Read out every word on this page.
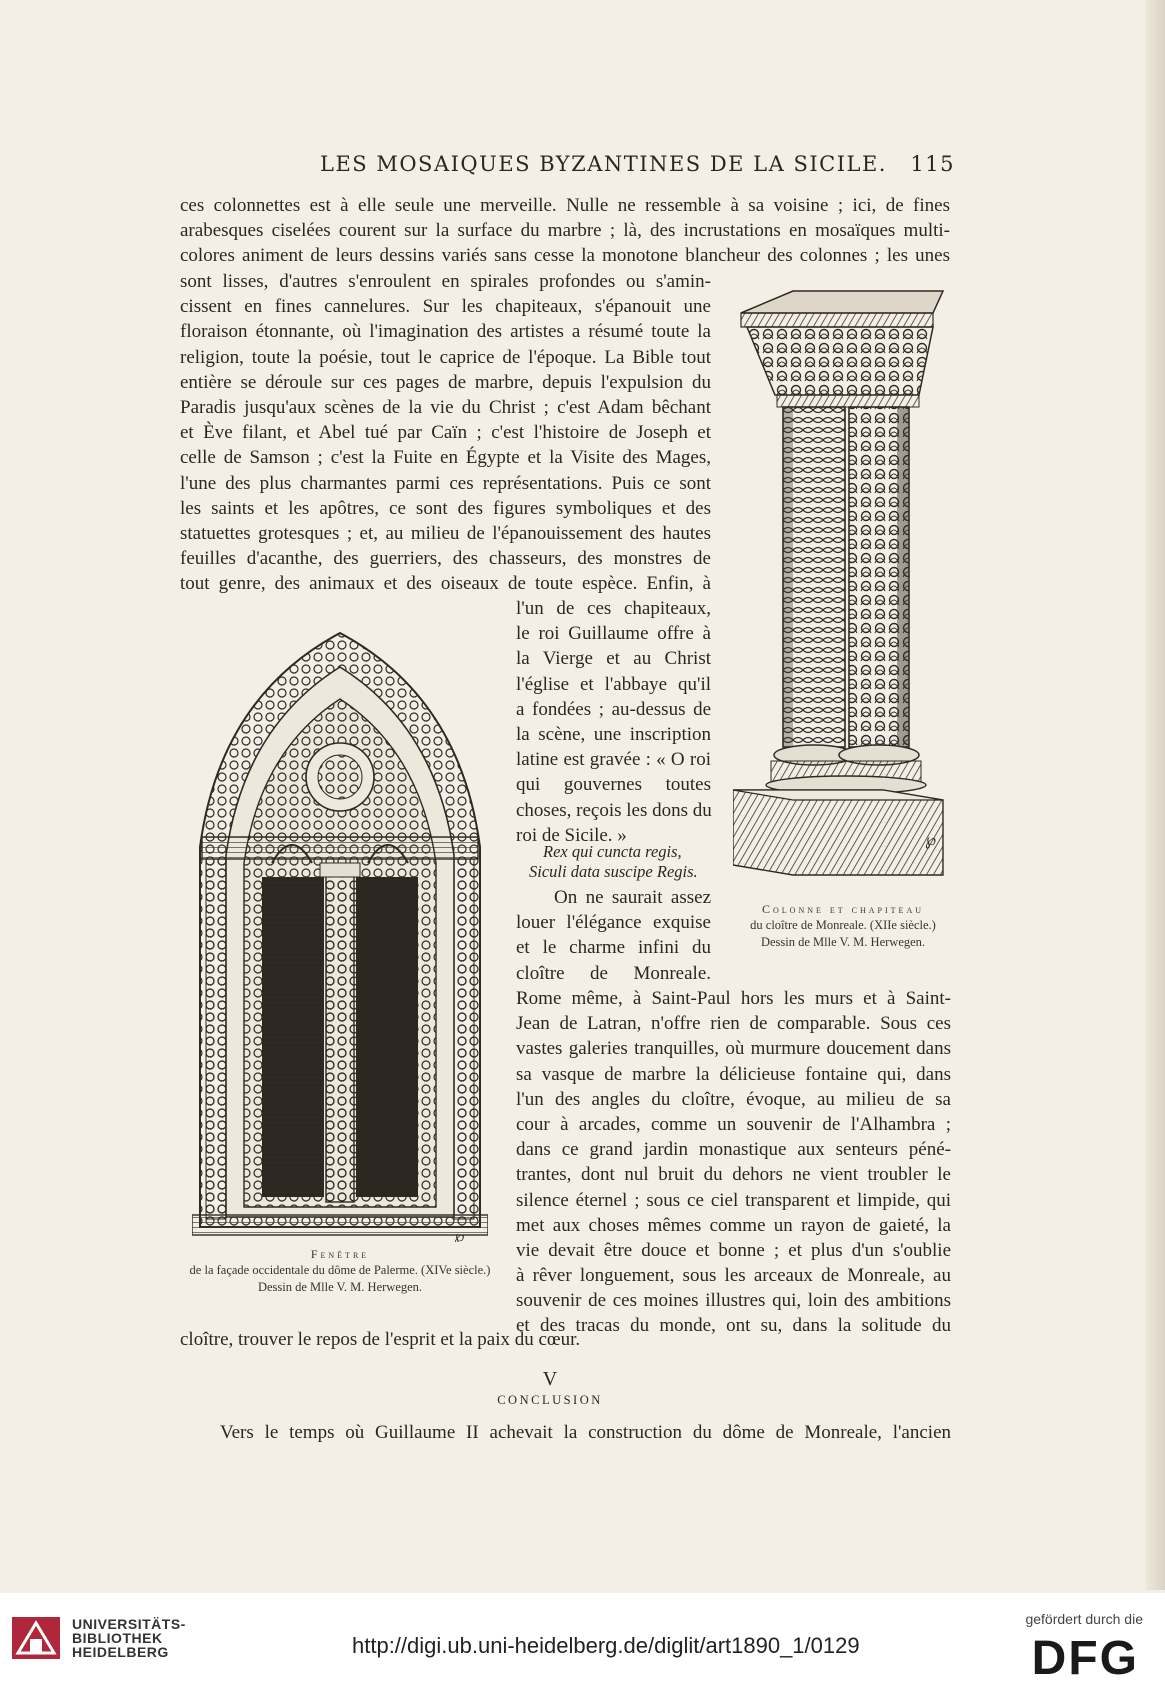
LES MOSAIQUES BYZANTINES DE LA SICILE. 115
ces colonnettes est à elle seule une merveille. Nulle ne ressemble à sa voisine ; ici, de fines
arabesques ciselées courent sur la surface du marbre ; là, des incrustations en mosaïques multi-
colores animent de leurs dessins variés sans cesse la monotone blancheur des colonnes ; les unes
sont lisses, d'autres s'enroulent en spirales profondes ou s'amin-
cissent en fines cannelures. Sur les chapiteaux, s'épanouit une
floraison étonnante, où l'imagination des artistes a résumé toute la
religion, toute la poésie, tout le caprice de l'époque. La Bible tout
entière se déroule sur ces pages de marbre, depuis l'expulsion du
Paradis jusqu'aux scènes de la vie du Christ ; c'est Adam bêchant
et Ève filant, et Abel tué par Caïn ; c'est l'histoire de Joseph et
celle de Samson ; c'est la Fuite en Égypte et la Visite des Mages,
l'une des plus charmantes parmi ces représentations. Puis ce sont
les saints et les apôtres, ce sont des figures symboliques et des
statuettes grotesques ; et, au milieu de l'épanouissement des hautes
feuilles d'acanthe, des guerriers, des chasseurs, des monstres de
tout genre, des animaux et des oiseaux de toute espèce. Enfin, à
l'un de ces chapiteaux,
le roi Guillaume offre à
la Vierge et au Christ
l'église et l'abbaye qu'il
a fondées ; au-dessus de
la scène, une inscription
latine est gravée : « O roi
qui gouvernes toutes
choses, reçois les dons du
roi de Sicile. »
Rex qui cuncta regis,
Siculi data suscipe Regis.
On ne saurait assez
louer l'élégance exquise
et le charme infini du
cloître de Monreale.
Rome même, à Saint-Paul hors les murs et à Saint-
Jean de Latran, n'offre rien de comparable. Sous ces
vastes galeries tranquilles, où murmure doucement dans
sa vasque de marbre la délicieuse fontaine qui, dans
l'un des angles du cloître, évoque, au milieu de sa
cour à arcades, comme un souvenir de l'Alhambra ;
dans ce grand jardin monastique aux senteurs péné-
trantes, dont nul bruit du dehors ne vient troubler le
silence éternel ; sous ce ciel transparent et limpide, qui
met aux choses mêmes comme un rayon de gaieté, la
vie devait être douce et bonne ; et plus d'un s'oublie
à rêver longuement, sous les arceaux de Monreale, au
souvenir de ces moines illustres qui, loin des ambitions
et des tracas du monde, ont su, dans la solitude du
cloître, trouver le repos de l'esprit et la paix du cœur.
℘
Colonne et chapiteau
du cloître de Monreale. (XIIe siècle.)
Dessin de Mlle V. M. Herwegen.
℘
Fenêtre
de la façade occidentale du dôme de Palerme. (XIVe siècle.)
Dessin de Mlle V. M. Herwegen.
V
CONCLUSION
Vers le temps où Guillaume II achevait la construction du dôme de Monreale, l'ancien
UNIVERSITÄTS-
BIBLIOTHEK
HEIDELBERG	http://digi.ub.uni-heidelberg.de/diglit/art1890_1/0129
gefördert durch die
DFG
